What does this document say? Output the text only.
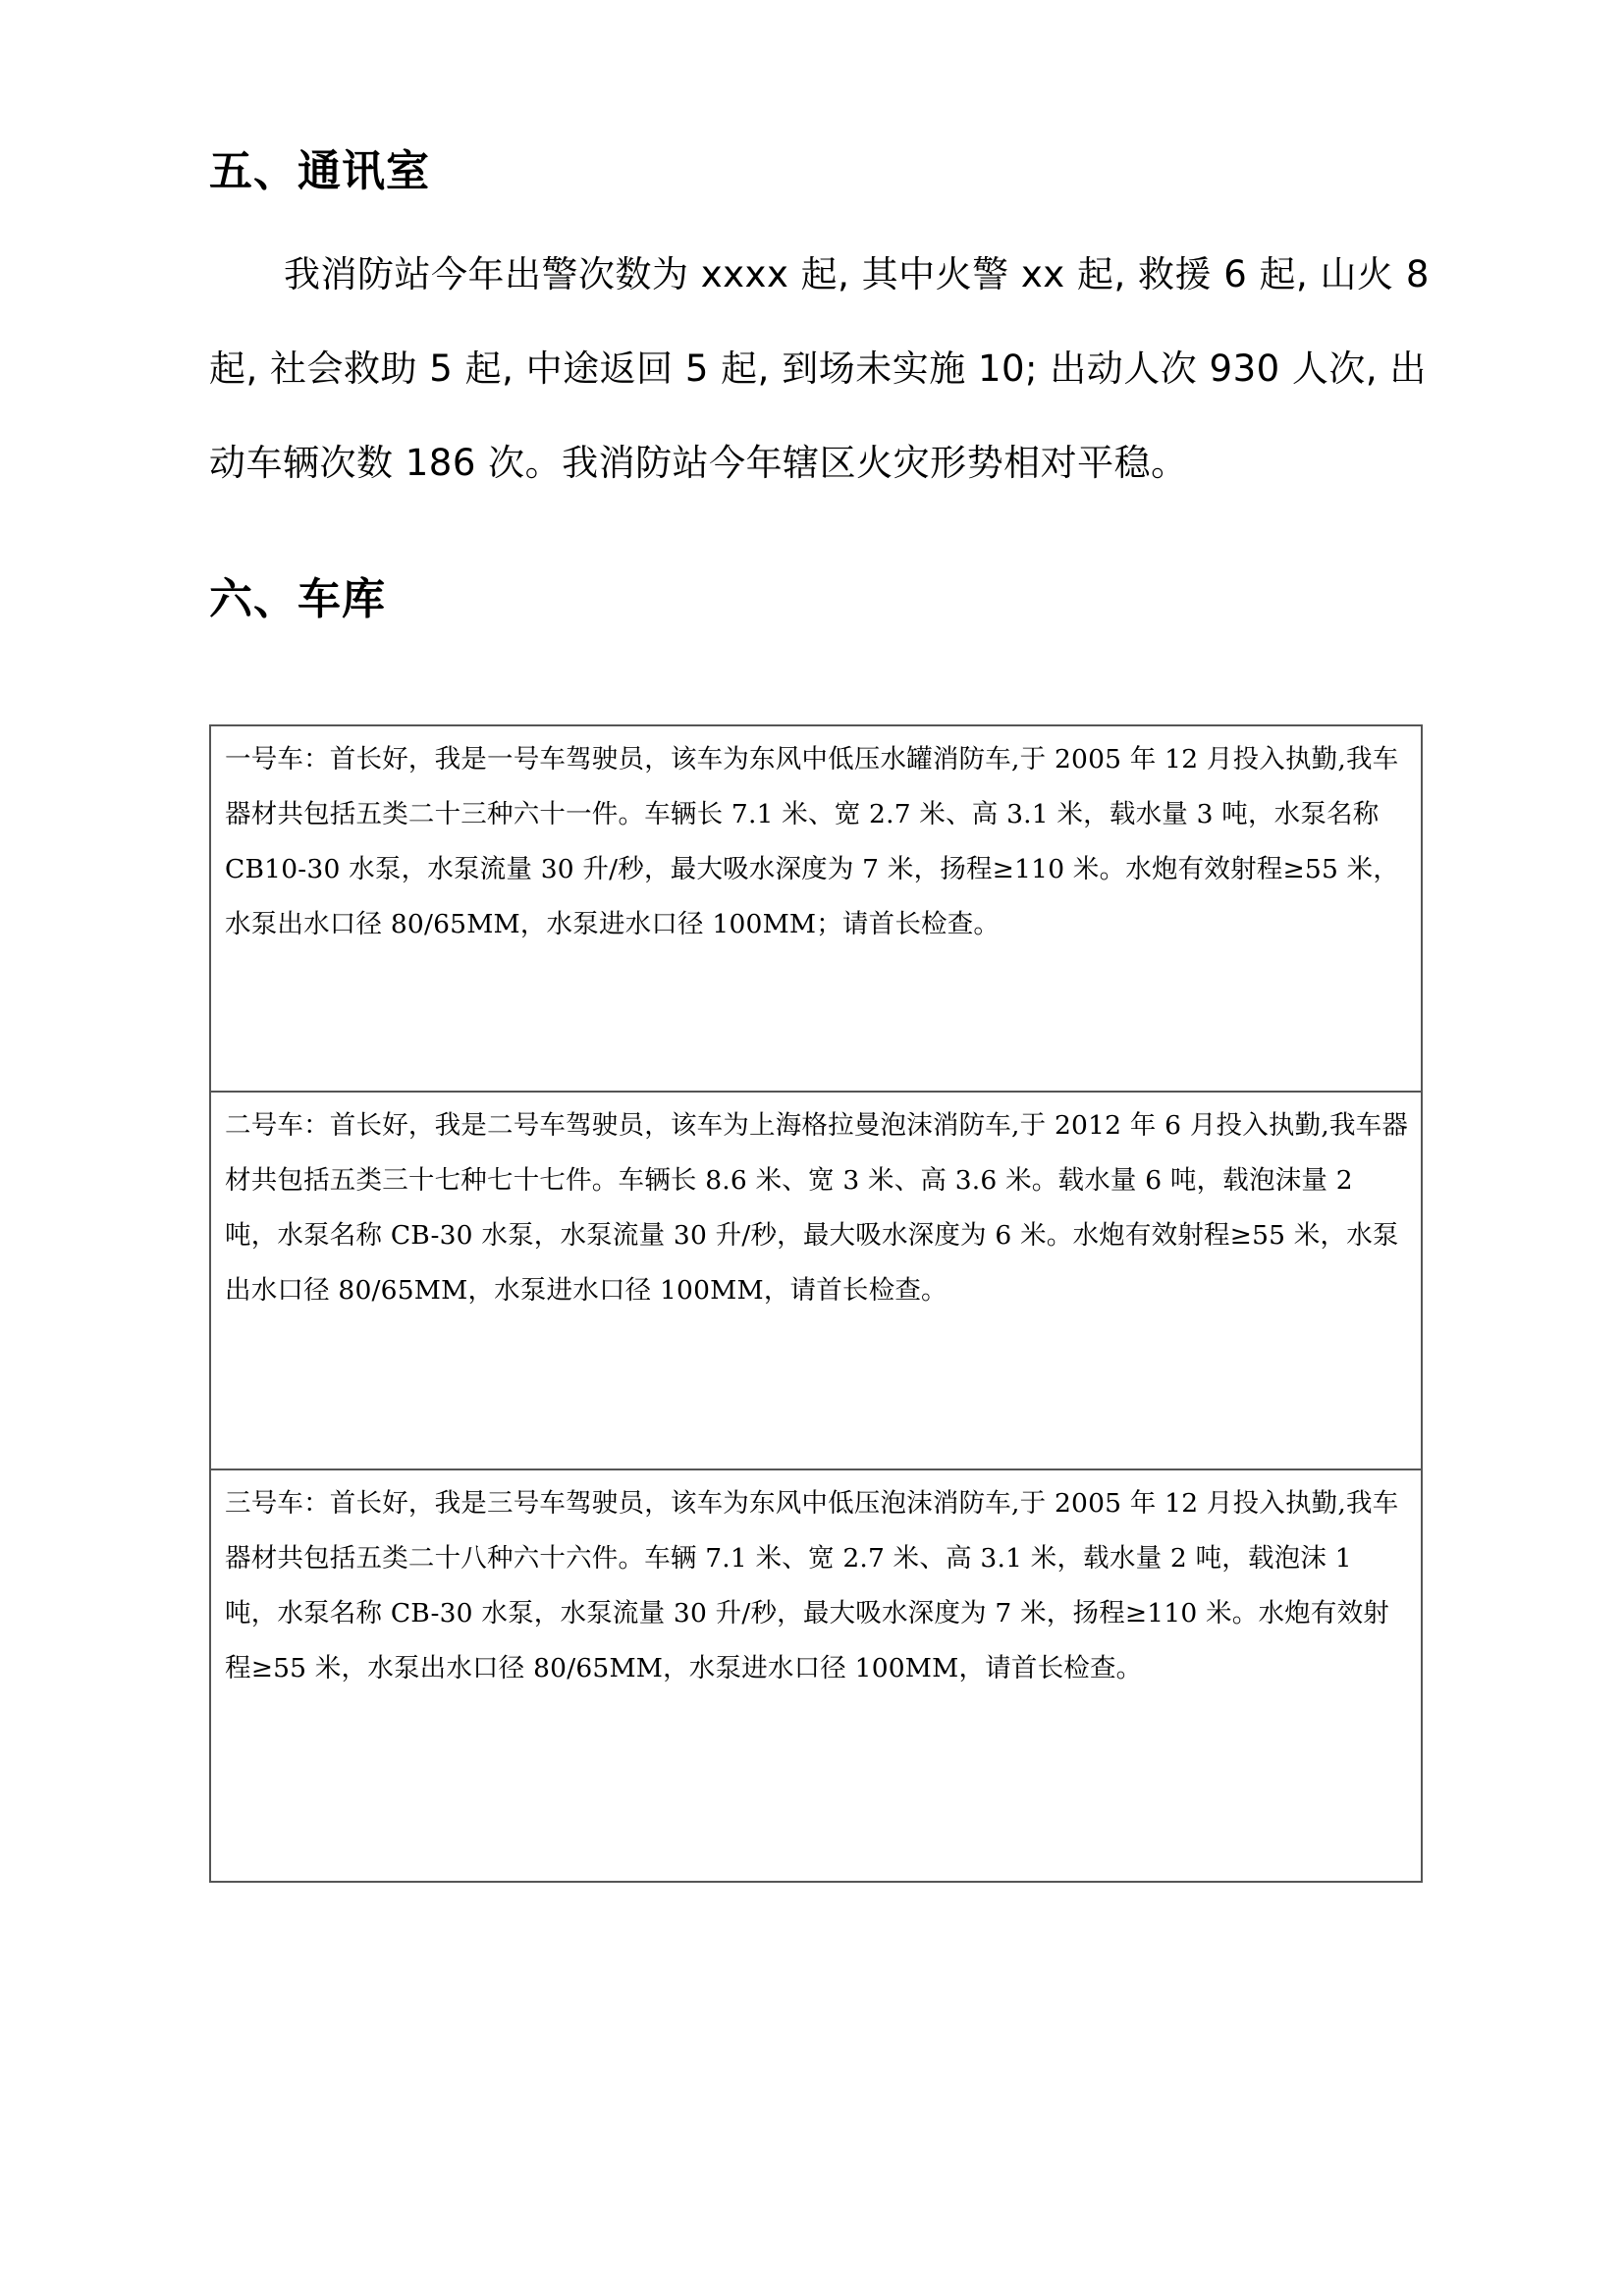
五、通讯室

我消防站今年出警次数为 xxxx 起, 其中火警 xx 起, 救援 6 起, 山火 8 起, 社会救助 5 起, 中途返回 5 起, 到场未实施 10; 出动人次 930 人次, 出动车辆次数 186 次。我消防站今年辖区火灾形势相对平稳。

六、车库
一号车：首长好，我是一号车驾驶员，该车为东风中低压水罐消防车,于 2005 年 12 月投入执勤,我车器材共包括五类二十三种六十一件。车辆长 7.1 米、宽 2.7 米、高 3.1 米，载水量 3 吨，水泵名称 CB10-30 水泵，水泵流量 30 升/秒，最大吸水深度为 7 米，扬程≥110 米。水炮有效射程≥55 米，水泵出水口径 80/65MM，水泵进水口径 100MM；请首长检查。
二号车：首长好，我是二号车驾驶员，该车为上海格拉曼泡沫消防车,于 2012 年 6 月投入执勤,我车器材共包括五类三十七种七十七件。车辆长 8.6 米、宽 3 米、高 3.6 米。载水量 6 吨，载泡沫量 2 吨，水泵名称 CB-30 水泵，水泵流量 30 升/秒，最大吸水深度为 6 米。水炮有效射程≥55 米，水泵出水口径 80/65MM，水泵进水口径 100MM，请首长检查。
三号车：首长好，我是三号车驾驶员，该车为东风中低压泡沫消防车,于 2005 年 12 月投入执勤,我车器材共包括五类二十八种六十六件。车辆 7.1 米、宽 2.7 米、高 3.1 米，载水量 2 吨，载泡沫 1 吨，水泵名称 CB-30 水泵，水泵流量 30 升/秒，最大吸水深度为 7 米，扬程≥110 米。水炮有效射程≥55 米，水泵出水口径 80/65MM，水泵进水口径 100MM，请首长检查。
